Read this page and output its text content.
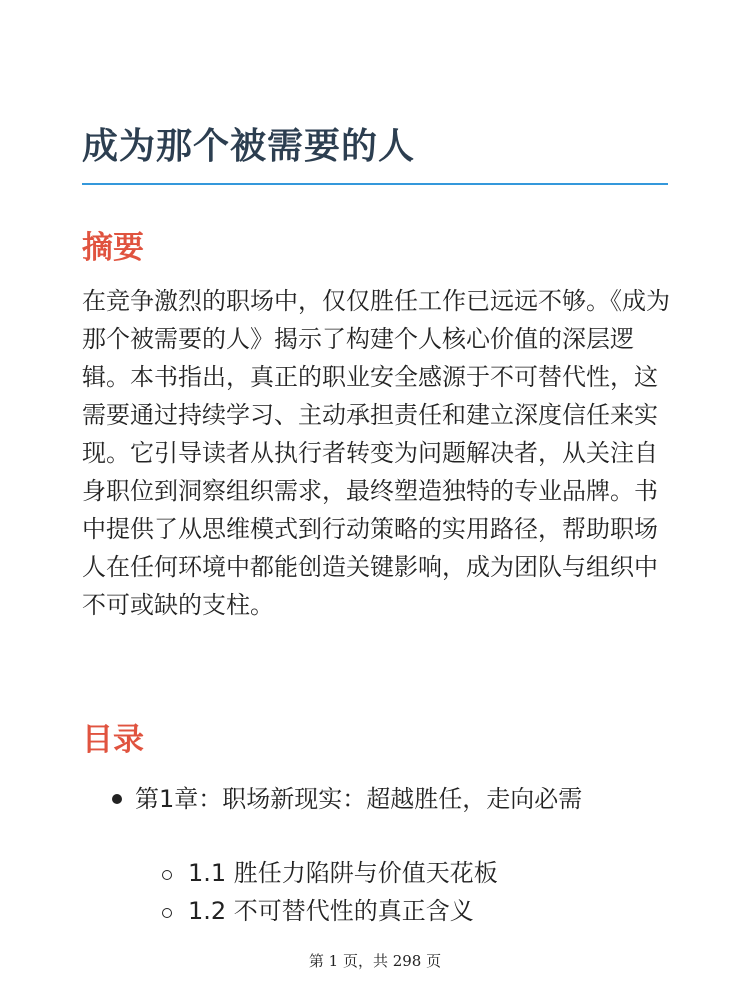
成为那个被需要的人
摘要

在竞争激烈的职场中，仅仅胜任工作已远远不够。《成为那个被需要的人》揭示了构建个人核心价值的深层逻辑。本书指出，真正的职业安全感源于不可替代性，这需要通过持续学习、主动承担责任和建立深度信任来实现。它引导读者从执行者转变为问题解决者，从关注自身职位到洞察组织需求，最终塑造独特的专业品牌。书中提供了从思维模式到行动策略的实用路径，帮助职场人在任何环境中都能创造关键影响，成为团队与组织中不可或缺的支柱。

目录
第1章：职场新现实：超越胜任，走向必需
1.1 胜任力陷阱与价值天花板
1.2 不可替代性的真正含义
第 1 页，共 298 页
